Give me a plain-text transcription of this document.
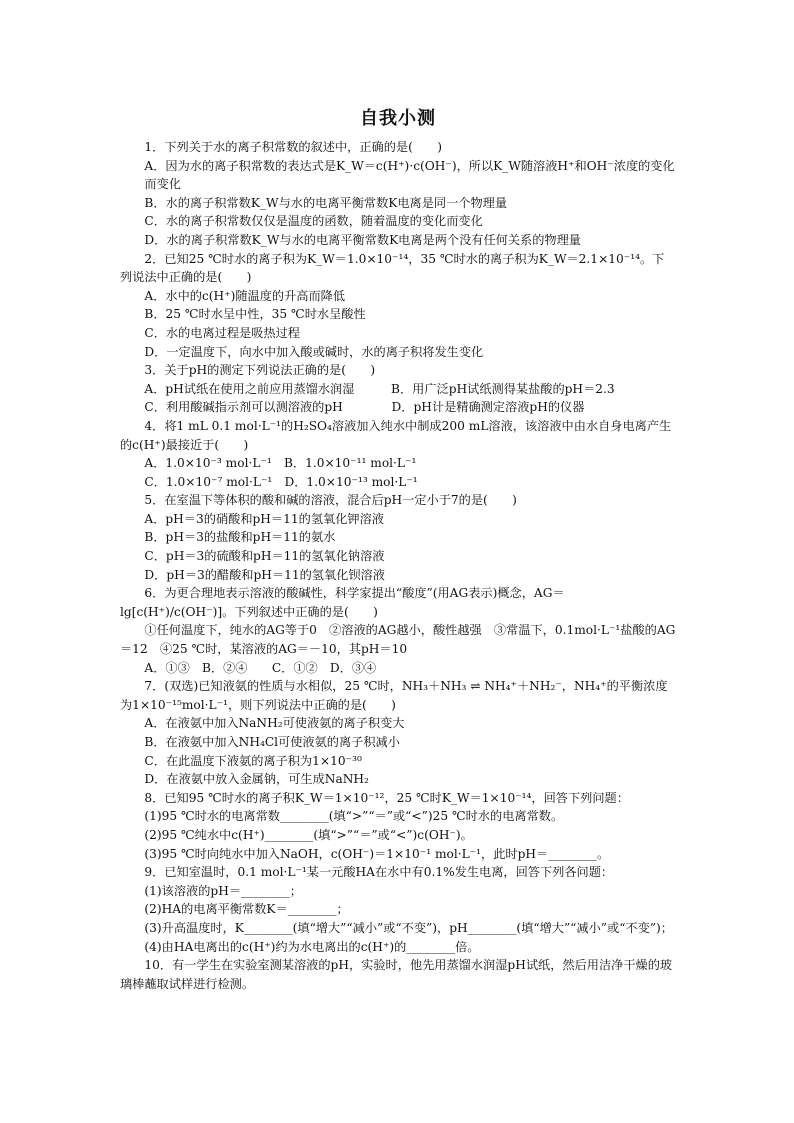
自我小测

1．下列关于水的离子积常数的叙述中，正确的是(　　)

A．因为水的离子积常数的表达式是K_W＝c(H⁺)·c(OH⁻)，所以K_W随溶液H⁺和OH⁻浓度的变化而变化

B．水的离子积常数K_W与水的电离平衡常数K电离是同一个物理量

C．水的离子积常数仅仅是温度的函数，随着温度的变化而变化

D．水的离子积常数K_W与水的电离平衡常数K电离是两个没有任何关系的物理量

2．已知25 ℃时水的离子积为K_W＝1.0×10⁻¹⁴，35 ℃时水的离子积为K_W＝2.1×10⁻¹⁴。下列说法中正确的是(　　)

A．水中的c(H⁺)随温度的升高而降低

B．25 ℃时水呈中性，35 ℃时水呈酸性

C．水的电离过程是吸热过程

D．一定温度下，向水中加入酸或碱时，水的离子积将发生变化

3．关于pH的测定下列说法正确的是(　　)

A．pH试纸在使用之前应用蒸馏水润湿　　　B．用广泛pH试纸测得某盐酸的pH＝2.3

C．利用酸碱指示剂可以测溶液的pH　　　　D．pH计是精确测定溶液pH的仪器

4．将1 mL 0.1 mol·L⁻¹的H₂SO₄溶液加入纯水中制成200 mL溶液，该溶液中由水自身电离产生的c(H⁺)最接近于(　　)

A．1.0×10⁻³ mol·L⁻¹　B．1.0×10⁻¹¹ mol·L⁻¹

C．1.0×10⁻⁷ mol·L⁻¹　D．1.0×10⁻¹³ mol·L⁻¹

5．在室温下等体积的酸和碱的溶液，混合后pH一定小于7的是(　　)

A．pH＝3的硝酸和pH＝11的氢氧化钾溶液

B．pH＝3的盐酸和pH＝11的氨水

C．pH＝3的硫酸和pH＝11的氢氧化钠溶液

D．pH＝3的醋酸和pH＝11的氢氧化钡溶液

6．为更合理地表示溶液的酸碱性，科学家提出“酸度”(用AG表示)概念，AG＝lg[c(H⁺)/c(OH⁻)]。下列叙述中正确的是(　　)

①任何温度下，纯水的AG等于0　②溶液的AG越小，酸性越强　③常温下，0.1mol·L⁻¹盐酸的AG＝12　④25 ℃时，某溶液的AG＝－10，其pH＝10

A．①③　B．②④　　C．①②　D．③④

7．(双选)已知液氨的性质与水相似，25 ℃时，NH₃＋NH₃ ⇌ NH₄⁺＋NH₂⁻，NH₄⁺的平衡浓度为1×10⁻¹⁵mol·L⁻¹，则下列说法中正确的是(　　)

A．在液氨中加入NaNH₂可使液氨的离子积变大

B．在液氨中加入NH₄Cl可使液氨的离子积减小

C．在此温度下液氨的离子积为1×10⁻³⁰

D．在液氨中放入金属钠，可生成NaNH₂

8．已知95 ℃时水的离子积K_W＝1×10⁻¹²，25 ℃时K_W＝1×10⁻¹⁴，回答下列问题：

(1)95 ℃时水的电离常数________(填“>”“＝”或“<”)25 ℃时水的电离常数。

(2)95 ℃纯水中c(H⁺)________(填“>”“＝”或“<”)c(OH⁻)。

(3)95 ℃时向纯水中加入NaOH，c(OH⁻)＝1×10⁻¹ mol·L⁻¹，此时pH＝________。

9．已知室温时，0.1 mol·L⁻¹某一元酸HA在水中有0.1%发生电离，回答下列各问题：

(1)该溶液的pH＝________；

(2)HA的电离平衡常数K＝________；

(3)升高温度时，K________(填“增大”“减小”或“不变”)，pH________(填“增大”“减小”或“不变”)；

(4)由HA电离出的c(H⁺)约为水电离出的c(H⁺)的________倍。

10．有一学生在实验室测某溶液的pH，实验时，他先用蒸馏水润湿pH试纸，然后用洁净干燥的玻璃棒蘸取试样进行检测。
